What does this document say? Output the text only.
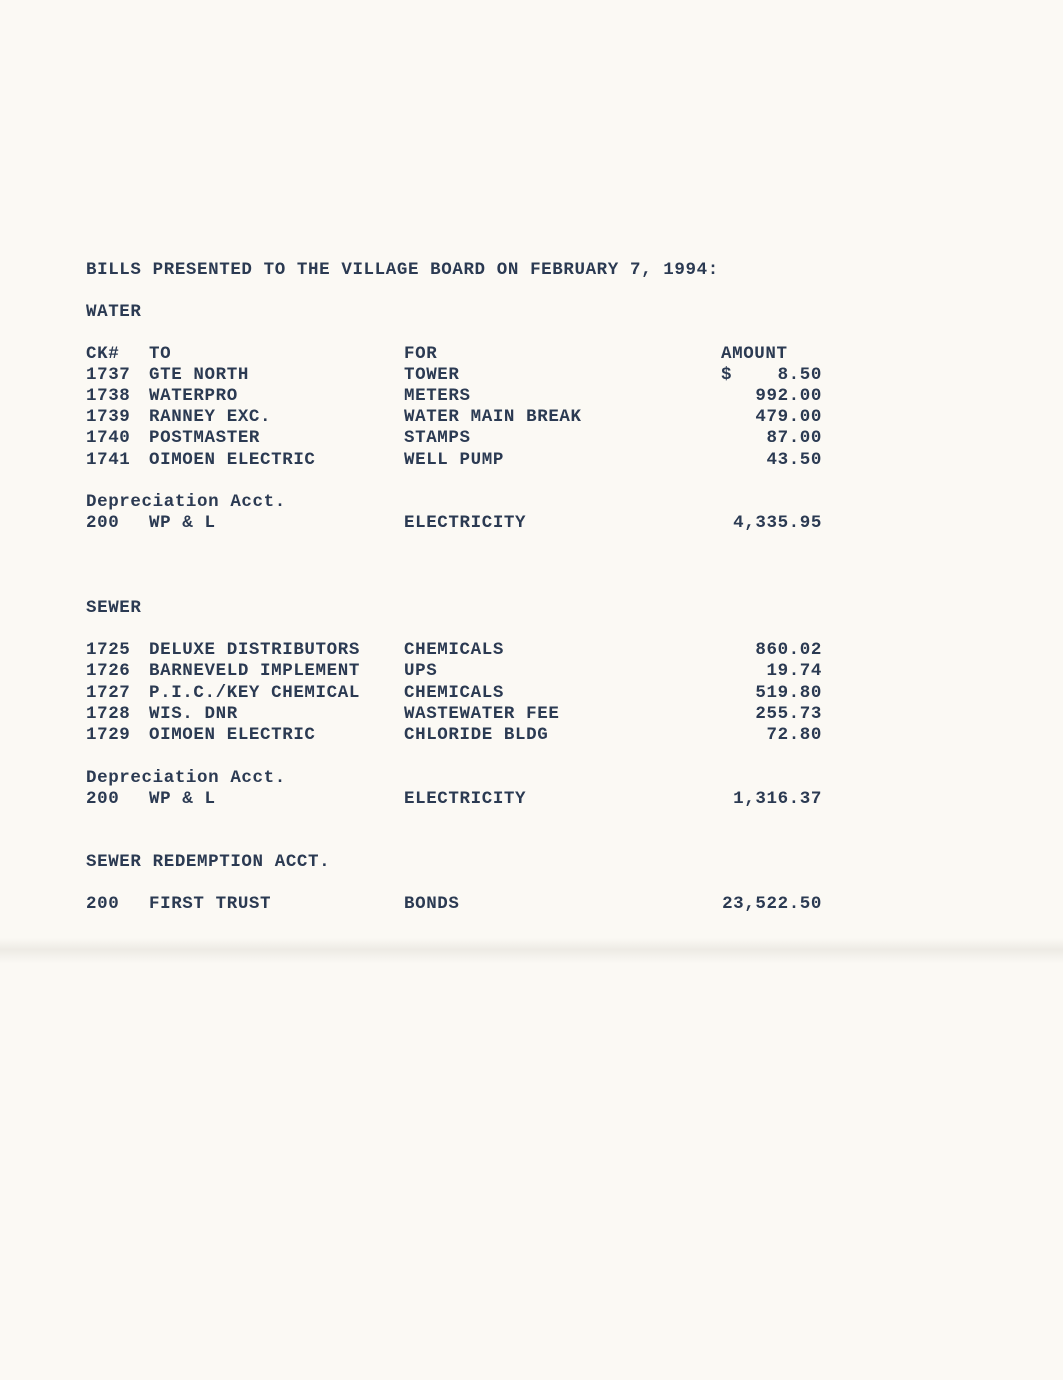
BILLS PRESENTED TO THE VILLAGE BOARD ON FEBRUARY 7, 1994:
WATER
CK# TO	FOR	AMOUNT
1737 GTE NORTH	TOWER	$	8.50
1738 WATERPRO	METERS	992.00
1739 RANNEY EXC.	WATER MAIN BREAK	479.00
1740 POSTMASTER	STAMPS	87.00
1741 OIMOEN ELECTRIC	WELL PUMP	43.50
Depreciation Acct.
200 WP & L	ELECTRICITY	4,335.95
SEWER
1725 DELUXE DISTRIBUTORS	CHEMICALS	860.02
1726 BARNEVELD IMPLEMENT	UPS	19.74
1727 P.I.C./KEY CHEMICAL	CHEMICALS	519.80
1728 WIS. DNR	WASTEWATER FEE	255.73
1729 OIMOEN ELECTRIC	CHLORIDE BLDG	72.80
Depreciation Acct.
200 WP & L	ELECTRICITY	1,316.37
SEWER REDEMPTION ACCT.
200 FIRST TRUST	BONDS	23,522.50
